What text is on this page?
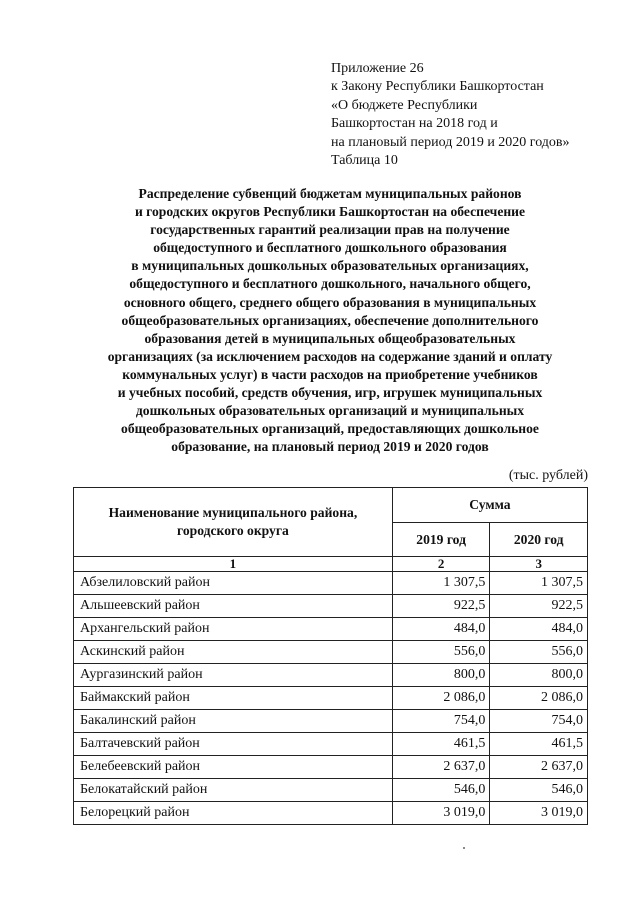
Приложение 26
к Закону Республики Башкортостан
«О бюджете Республики
Башкортостан на 2018 год и
на плановый период 2019 и 2020 годов»
Таблица 10
Распределение субвенций бюджетам муниципальных районов
и городских округов Республики Башкортостан на обеспечение
государственных гарантий реализации прав на получение
общедоступного и бесплатного дошкольного образования
в муниципальных дошкольных образовательных организациях,
общедоступного и бесплатного дошкольного, начального общего,
основного общего, среднего общего образования в муниципальных
общеобразовательных организациях, обеспечение дополнительного
образования детей в муниципальных общеобразовательных
организациях (за исключением расходов на содержание зданий и оплату
коммунальных услуг) в части расходов на приобретение учебников
и учебных пособий, средств обучения, игр, игрушек муниципальных
дошкольных образовательных организаций и муниципальных
общеобразовательных организаций, предоставляющих дошкольное
образование, на плановый период 2019 и 2020 годов
(тыс. рублей)
Наименование муниципального района, городского округа	Сумма	
	2019 год	2020 год
1	2	3
Абзелиловский район	1 307,5	1 307,5
Альшеевский район	922,5	922,5
Архангельский район	484,0	484,0
Аскинский район	556,0	556,0
Аургазинский район	800,0	800,0
Баймакский район	2 086,0	2 086,0
Бакалинский район	754,0	754,0
Балтачевский район	461,5	461,5
Белебеевский район	2 637,0	2 637,0
Белокатайский район	546,0	546,0
Белорецкий район	3 019,0	3 019,0
